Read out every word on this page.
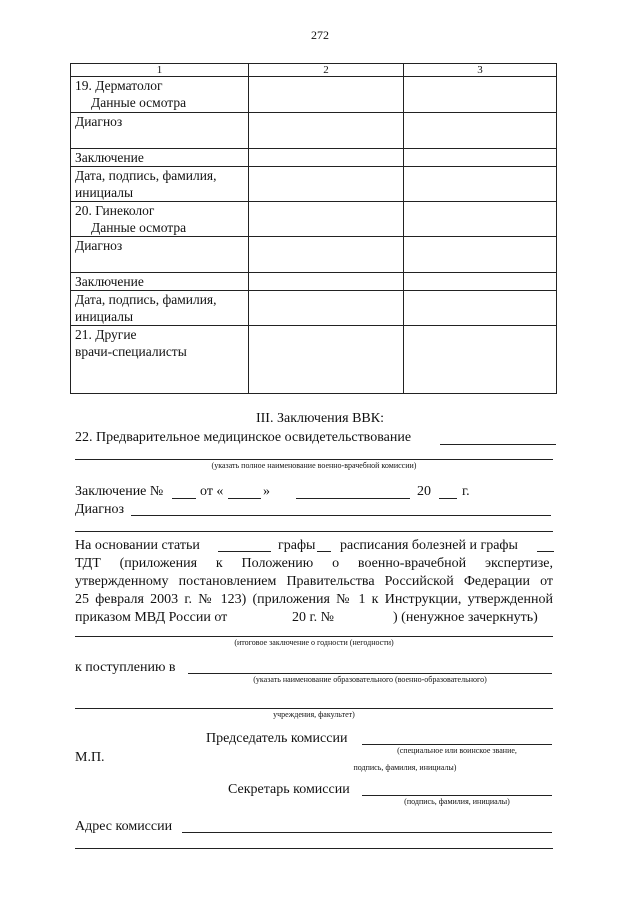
272
1	2	3

19. Дерматолог
Данные осмотра		

Диагноз		
Заключение		

Дата, подпись, фамилия,
инициалы		

20. Гинеколог
Данные осмотра		

Диагноз		
Заключение		

Дата, подпись, фамилия,
инициалы		

21. Другие
врачи-специалисты		

III. Заключения ВВК:
22. Предварительное медицинское освидетельствование
(указать полное наименование военно-врачебной комиссии)
Заключение №	от «	»	20 г.
Диагноз
На основании статьи	графы расписания болезней и графы
ТДТ (приложения к Положению о военно-врачебной экспертизе,
утвержденному постановлением Правительства Российской Федерации от
25 февраля 2003 г. № 123) (приложения № 1 к Инструкции, утвержденной
приказом МВД России от	20 г. №	) (ненужное зачеркнуть)
(итоговое заключение о годности (негодности)
к поступлению в
(указать наименование образовательного (военно-образовательного)
учреждения, факультет)
Председатель комиссии
(специальное или воинское звание,
М.П.
подпись, фамилия, инициалы)
Секретарь комиссии
(подпись, фамилия, инициалы)
Адрес комиссии
